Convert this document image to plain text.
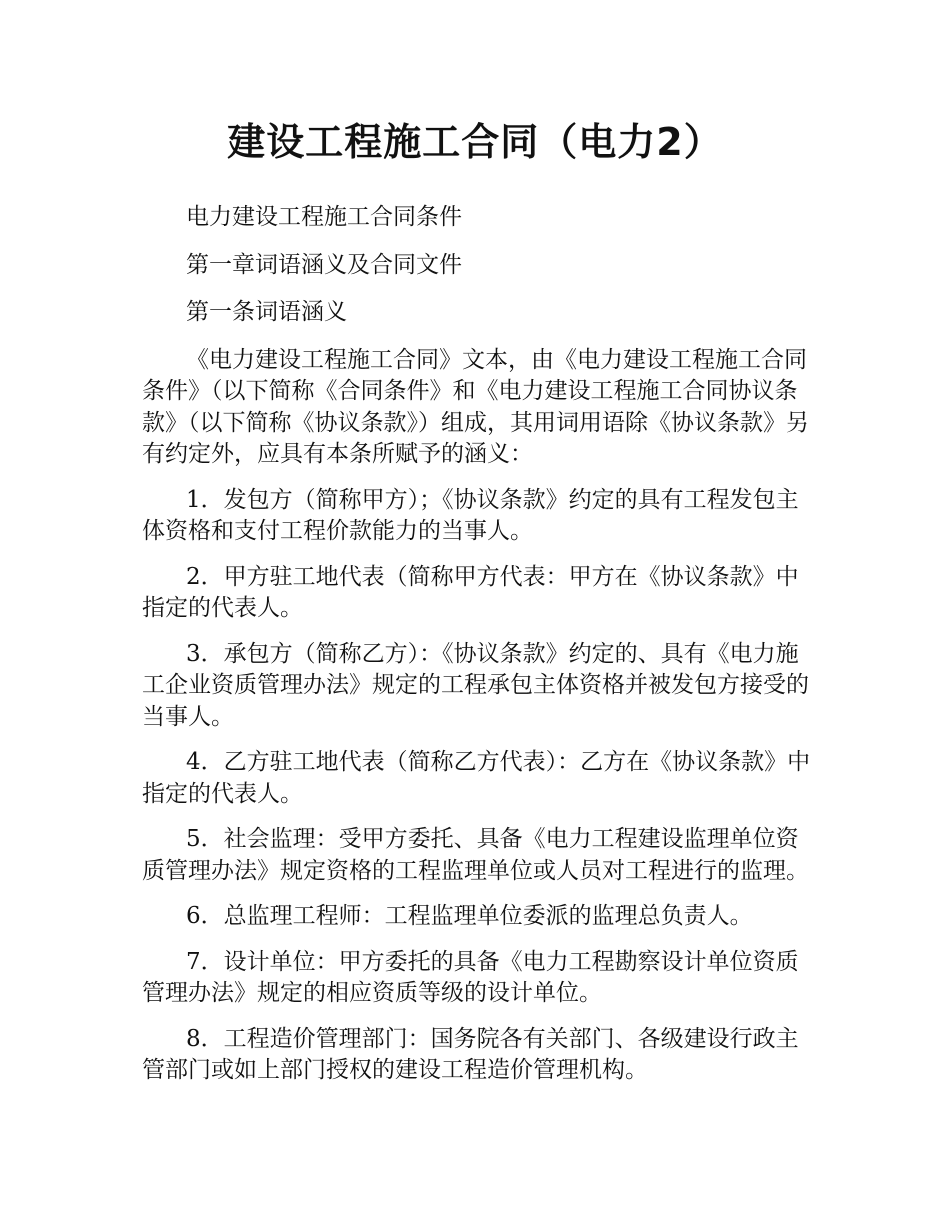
建设工程施工合同（电力2）

电力建设工程施工合同条件

第一章词语涵义及合同文件

第一条词语涵义

《电力建设工程施工合同》文本，由《电力建设工程施工合同条件》（以下简称《合同条件》和《电力建设工程施工合同协议条款》（以下简称《协议条款》）组成，其用词用语除《协议条款》另有约定外，应具有本条所赋予的涵义：

1．发包方（简称甲方）；《协议条款》约定的具有工程发包主体资格和支付工程价款能力的当事人。

2．甲方驻工地代表（简称甲方代表：甲方在《协议条款》中指定的代表人。

3．承包方（简称乙方）：《协议条款》约定的、具有《电力施工企业资质管理办法》规定的工程承包主体资格并被发包方接受的当事人。

4．乙方驻工地代表（简称乙方代表）：乙方在《协议条款》中指定的代表人。

5．社会监理：受甲方委托、具备《电力工程建设监理单位资质管理办法》规定资格的工程监理单位或人员对工程进行的监理。

6．总监理工程师：工程监理单位委派的监理总负责人。

7．设计单位：甲方委托的具备《电力工程勘察设计单位资质管理办法》规定的相应资质等级的设计单位。

8．工程造价管理部门：国务院各有关部门、各级建设行政主管部门或如上部门授权的建设工程造价管理机构。
